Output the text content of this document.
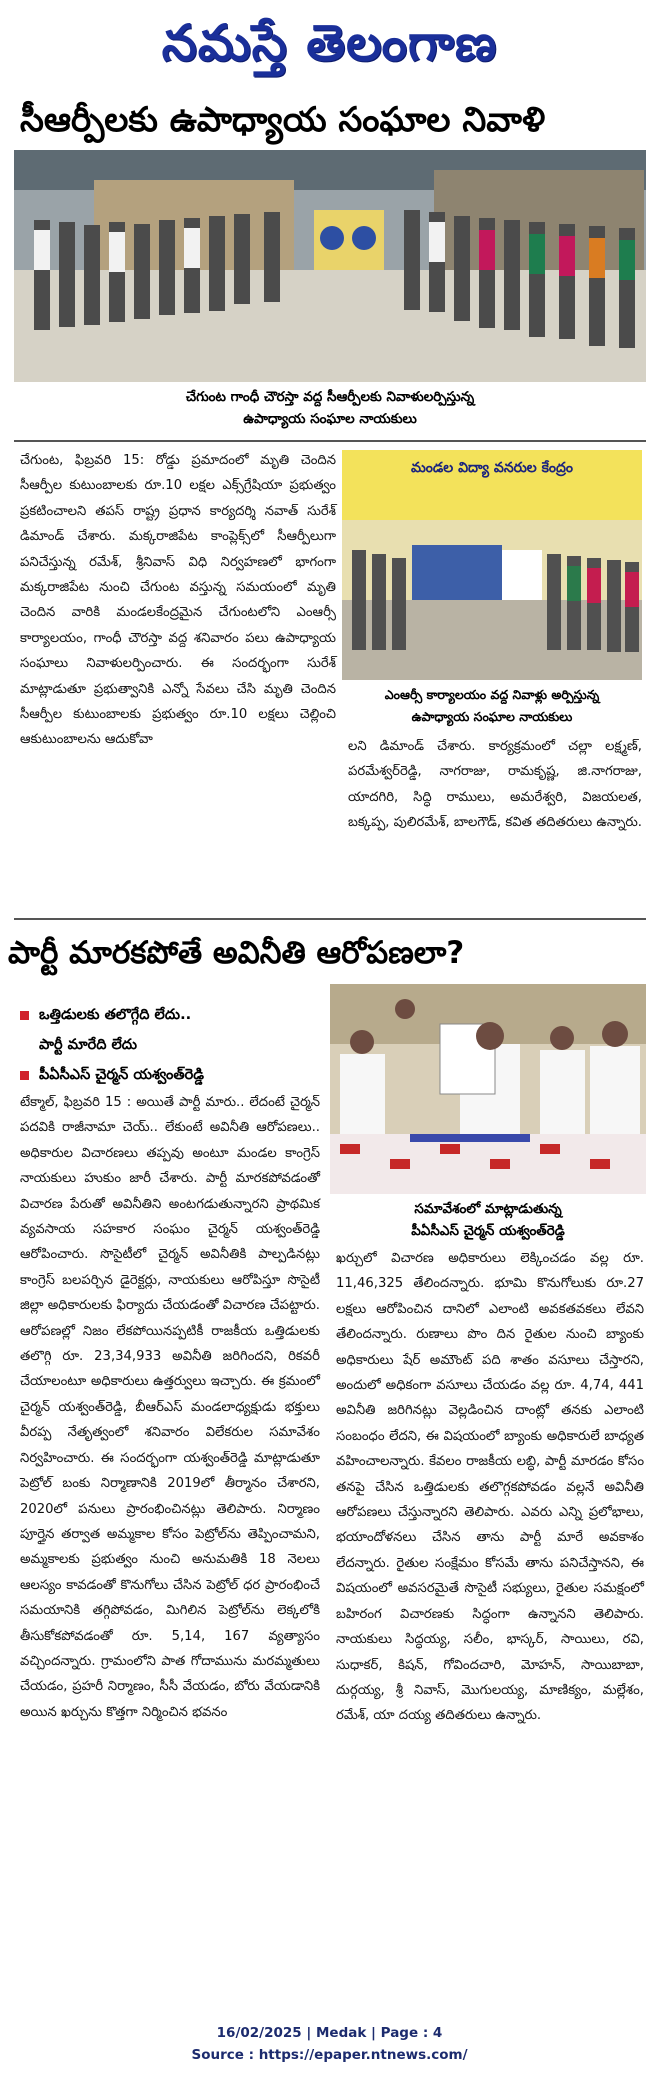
నమస్తే తెలంగాణ
సీఆర్పీలకు ఉపాధ్యాయ సంఘాల నివాళి
చేగుంట గాంధీ చౌరస్తా వద్ద సీఆర్పీలకు నివాళులర్పిస్తున్న
ఉపాధ్యాయ సంఘాల నాయకులు

చేగుంట, ఫిబ్రవరి 15: రోడ్డు ప్రమాదంలో మృతి చెందిన సీఆర్పీల కుటుంబాలకు రూ.10 లక్షల ఎక్స్‌గ్రేషియా ప్రభుత్వం ప్రకటించాలని తపస్ రాష్ట్ర ప్రధాన కార్యదర్శి నవాత్ సురేశ్ డిమాండ్ చేశారు. మక్కరాజిపేట కాంప్లెక్స్‌లో సీఆర్పీలుగా పనిచేస్తున్న రమేశ్, శ్రీనివాస్ విధి నిర్వహణలో భాగంగా మక్కరాజిపేట నుంచి చేగుంట వస్తున్న సమయంలో మృతి చెందిన వారికి మండలకేంద్రమైన చేగుంటలోని ఎంఆర్సీ కార్యాలయం, గాంధీ చౌరస్తా వద్ద శనివారం పలు ఉపాధ్యాయ సంఘాలు నివాళులర్పించారు. ఈ సందర్భంగా సురేశ్ మాట్లాడుతూ ప్రభుత్వానికి ఎన్నో సేవలు చేసి మృతి చెందిన సీఆర్పీల కుటుంబాలకు ప్రభుత్వం రూ.10 లక్షలు చెల్లించి ఆకుటుంబాలను ఆదుకోవా

మండల విద్యా వనరుల కేంద్రం
ఎంఆర్సీ కార్యాలయం వద్ద నివాళ్లు అర్పిస్తున్న
ఉపాధ్యాయ సంఘాల నాయకులు

లని డిమాండ్ చేశారు. కార్యక్రమంలో చల్లా లక్ష్మణ్, పరమేశ్వర్‌రెడ్డి, నాగరాజు, రామకృష్ణ, జి.నాగరాజు, యాదగిరి, సిద్ధి రాములు, అమరేశ్వరి, విజయలత, బక్కప్ప, పులిరమేశ్, బాలగౌడ్, కవిత తదితరులు ఉన్నారు.

పార్టీ మారకపోతే అవినీతి ఆరోపణలా?
ఒత్తిడులకు తలొగ్గేది లేదు..
పార్టీ మారేది లేదు
పీఏసీఎస్ చైర్మన్ యశ్వంత్‌రెడ్డి
సమావేశంలో మాట్లాడుతున్న
పీఏసీఎస్ చైర్మన్ యశ్వంత్‌రెడ్డి

టేక్మాల్, ఫిబ్రవరి 15 : అయితే పార్టీ మారు.. లేదంటే చైర్మన్ పదవికి రాజీనామా చెయ్.. లేకుంటే అవినీతి ఆరోపణలు.. అధికారుల విచారణలు తప్పవు అంటూ మండల కాంగ్రెస్ నాయకులు హుకుం జారీ చేశారు. పార్టీ మారకపోవడంతో విచారణ పేరుతో అవినీతిని అంటగడుతున్నారని ప్రాథమిక వ్యవసాయ సహకార సంఘం చైర్మన్ యశ్వంత్‌రెడ్డి ఆరోపించారు. సొసైటీలో చైర్మన్ అవినీతికి పాల్పడినట్లు కాంగ్రెస్ బలపర్చిన డైరెక్టర్లు, నాయకులు ఆరోపిస్తూ సొసైటీ జిల్లా అధికారులకు ఫిర్యాదు చేయడంతో విచారణ చేపట్టారు. ఆరోపణల్లో నిజం లేకపోయినప్పటికీ రాజకీయ ఒత్తిడులకు తలొగ్గి రూ. 23,34,933 అవినీతి జరిగిందని, రికవరీ చేయాలంటూ అధికారులు ఉత్తర్వులు ఇచ్చారు. ఈ క్రమంలో చైర్మన్ యశ్వంత్‌రెడ్డి, బీఆర్ఎస్ మండలాధ్యక్షుడు భక్తులు వీరప్ప నేతృత్వంలో శనివారం విలేకరుల సమావేశం నిర్వహించారు. ఈ సందర్భంగా యశ్వంత్‌రెడ్డి మాట్లాడుతూ పెట్రోల్ బంకు నిర్మాణానికి 2019లో తీర్మానం చేశారని, 2020లో పనులు ప్రారంభించినట్లు తెలిపారు. నిర్మాణం పూర్తైన తర్వాత అమ్మకాల కోసం పెట్రోల్‌ను తెప్పించామని, అమ్మకాలకు ప్రభుత్వం నుంచి అనుమతికి 18 నెలలు ఆలస్యం కావడంతో కొనుగోలు చేసిన పెట్రోల్ ధర ప్రారంభించే సమయానికి తగ్గిపోవడం, మిగిలిన పెట్రోల్‌ను లెక్కలోకి తీసుకోకపోవడంతో రూ. 5,14, 167 వ్యత్యాసం వచ్చిందన్నారు. గ్రామంలోని పాత గోదామును మరమ్మతులు చేయడం, ప్రహరీ నిర్మాణం, సీసీ వేయడం, బోరు వేయడానికి అయిన ఖర్చును కొత్తగా నిర్మించిన భవనం

ఖర్చులో విచారణ అధికారులు లెక్కించడం వల్ల రూ. 11,46,325 తేలిందన్నారు. భూమి కొనుగోలుకు రూ.27 లక్షలు ఆరోపించిన దానిలో ఎలాంటి అవకతవకలు లేవని తేలిందన్నారు. రుణాలు పొం దిన రైతుల నుంచి బ్యాంకు అధికారులు షేర్ అమౌంట్ పది శాతం వసూలు చేస్తారని, అందులో అధికంగా వసూలు చేయడం వల్ల రూ. 4,74, 441 అవినీతి జరిగినట్లు వెల్లడించిన దాంట్లో తనకు ఎలాంటి సంబంధం లేదని, ఈ విషయంలో బ్యాంకు అధికారులే బాధ్యత వహించాలన్నారు. కేవలం రాజకీయ లబ్ధి, పార్టీ మారడం కోసం తనపై చేసిన ఒత్తిడులకు తలొగ్గకపోవడం వల్లనే అవినీతి ఆరోపణలు చేస్తున్నారని తెలిపారు. ఎవరు ఎన్ని ప్రలోభాలు, భయాందోళనలు చేసిన తాను పార్టీ మారే అవకాశం లేదన్నారు. రైతుల సంక్షేమం కోసమే తాను పనిచేస్తానని, ఈ విషయంలో అవసరమైతే సొసైటీ సభ్యులు, రైతుల సమక్షంలో బహిరంగ విచారణకు సిద్ధంగా ఉన్నానని తెలిపారు. నాయకులు సిద్ధయ్య, సలీం, భాస్కర్, సాయిలు, రవి, సుధాకర్, కిషన్, గోవిందచారి, మోహన్, సాయిబాబా, దుర్గయ్య, శ్రీ నివాస్, మొగులయ్య, మాణిక్యం, మల్లేశం, రమేశ్, యా దయ్య తదితరులు ఉన్నారు.

16/02/2025 | Medak | Page : 4
Source : https://epaper.ntnews.com/
